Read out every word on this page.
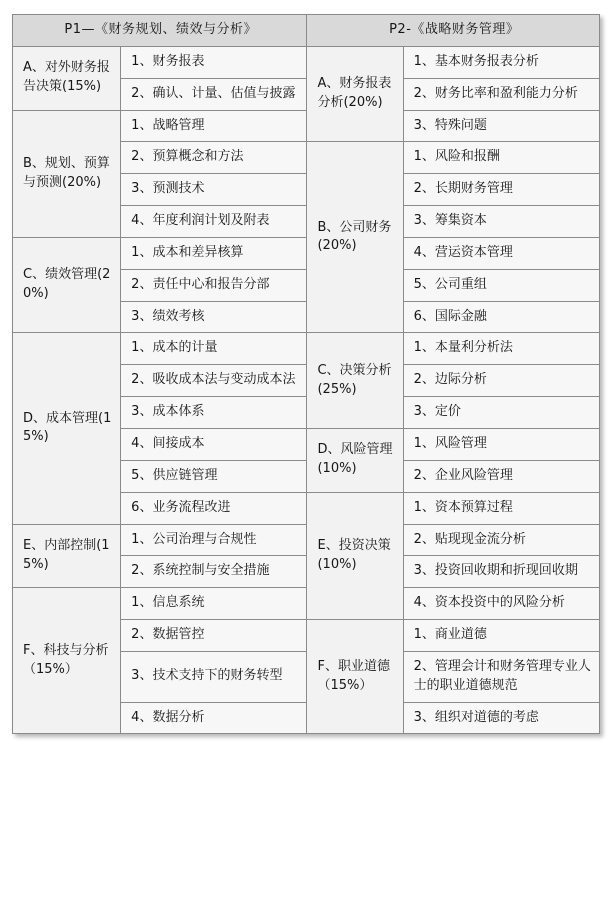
P1—《财务规划、绩效与分析》		P2-《战略财务管理》	
A、对外财务报告决策(15%)	1、财务报表	A、财务报表分析(20%)	1、基本财务报表分析
	2、确认、计量、估值与披露		2、财务比率和盈利能力分析
B、规划、预算与预测(20%)	1、战略管理		3、特殊问题
	2、预算概念和方法	B、公司财务(20%)	1、风险和报酬
	3、预测技术		2、长期财务管理
	4、年度利润计划及附表		3、筹集资本
C、绩效管理(20%)	1、成本和差异核算		4、营运资本管理
	2、责任中心和报告分部		5、公司重组
	3、绩效考核		6、国际金融
D、成本管理(15%)	1、成本的计量	C、决策分析(25%)	1、本量利分析法
	2、吸收成本法与变动成本法		2、边际分析
	3、成本体系		3、定价
	4、间接成本	D、风险管理(10%)	1、风险管理
	5、供应链管理		2、企业风险管理
	6、业务流程改进	E、投资决策(10%)	1、资本预算过程
E、内部控制(15%)	1、公司治理与合规性		2、贴现现金流分析
	2、系统控制与安全措施		3、投资回收期和折现回收期
F、科技与分析（15%）	1、信息系统		4、资本投资中的风险分析
	2、数据管控	F、职业道德（15%）	1、商业道德
	3、技术支持下的财务转型		2、管理会计和财务管理专业人士的职业道德规范
	4、数据分析		3、组织对道德的考虑
